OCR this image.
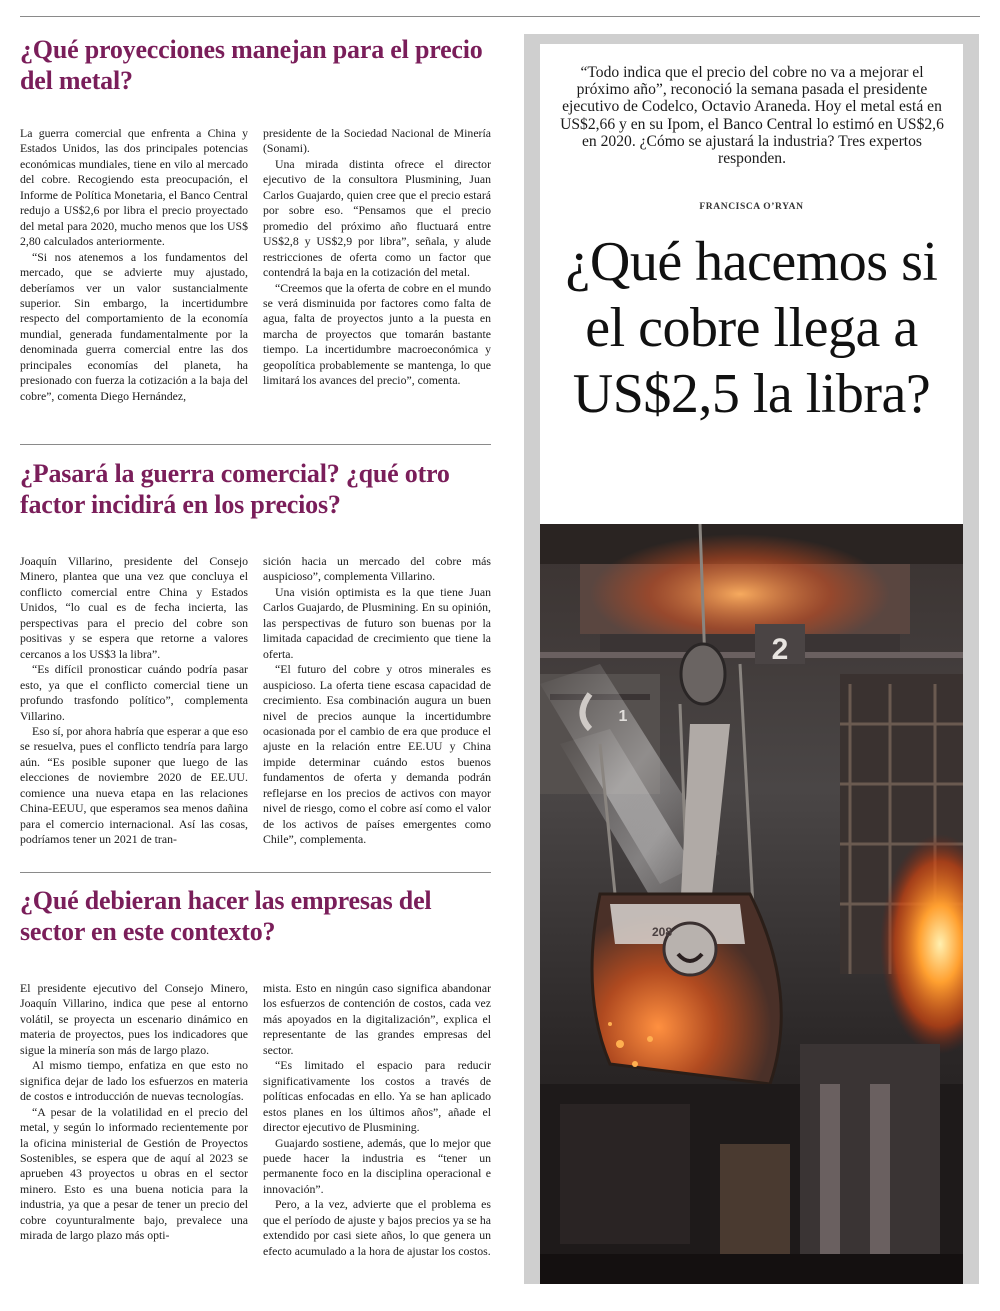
¿Qué proyecciones manejan para el precio del metal?

La guerra comercial que enfrenta a China y Estados Unidos, las dos principales potencias económicas mundiales, tiene en vilo al mercado del cobre. Recogiendo esta preocupación, el Informe de Política Monetaria, el Banco Central redujo a US$2,6 por libra el precio proyectado del metal para 2020, mucho menos que los US$ 2,80 calculados anteriormente.

“Si nos atenemos a los fundamentos del mercado, que se advierte muy ajustado, deberíamos ver un valor sustancialmente superior. Sin embargo, la incertidumbre respecto del comportamiento de la economía mundial, generada fundamentalmente por la denominada guerra comercial entre las dos principales economías del planeta, ha presionado con fuerza la cotización a la baja del cobre”, comenta Diego Hernández,

presidente de la Sociedad Nacional de Minería (Sonami).

Una mirada distinta ofrece el director ejecutivo de la consultora Plusmining, Juan Carlos Guajardo, quien cree que el precio estará por sobre eso. “Pensamos que el precio promedio del próximo año fluctuará entre US$2,8 y US$2,9 por libra”, señala, y alude restricciones de oferta como un factor que contendrá la baja en la cotización del metal.

“Creemos que la oferta de cobre en el mundo se verá disminuida por factores como falta de agua, falta de proyectos junto a la puesta en marcha de proyectos que tomarán bastante tiempo. La incertidumbre macroeconómica y geopolítica probablemente se mantenga, lo que limitará los avances del precio”, comenta.

¿Pasará la guerra comercial? ¿qué otro factor incidirá en los precios?

Joaquín Villarino, presidente del Consejo Minero, plantea que una vez que concluya el conflicto comercial entre China y Estados Unidos, “lo cual es de fecha incierta, las perspectivas para el precio del cobre son positivas y se espera que retorne a valores cercanos a los US$3 la libra”.

“Es difícil pronosticar cuándo podría pasar esto, ya que el conflicto comercial tiene un profundo trasfondo político”, complementa Villarino.

Eso sí, por ahora habría que esperar a que eso se resuelva, pues el conflicto tendría para largo aún. “Es posible suponer que luego de las elecciones de noviembre 2020 de EE.UU. comience una nueva etapa en las relaciones China-EEUU, que esperamos sea menos dañina para el comercio internacional. Así las cosas, podríamos tener un 2021 de tran-

sición hacia un mercado del cobre más auspicioso”, complementa Villarino.

Una visión optimista es la que tiene Juan Carlos Guajardo, de Plusmining. En su opinión, las perspectivas de futuro son buenas por la limitada capacidad de crecimiento que tiene la oferta.

“El futuro del cobre y otros minerales es auspicioso. La oferta tiene escasa capacidad de crecimiento. Esa combinación augura un buen nivel de precios aunque la incertidumbre ocasionada por el cambio de era que produce el ajuste en la relación entre EE.UU y China impide determinar cuándo estos buenos fundamentos de oferta y demanda podrán reflejarse en los precios de activos con mayor nivel de riesgo, como el cobre así como el valor de los activos de países emergentes como Chile”, complementa.

¿Qué debieran hacer las empresas del sector en este contexto?

El presidente ejecutivo del Consejo Minero, Joaquín Villarino, indica que pese al entorno volátil, se proyecta un escenario dinámico en materia de proyectos, pues los indicadores que sigue la minería son más de largo plazo.

Al mismo tiempo, enfatiza en que esto no significa dejar de lado los esfuerzos en materia de costos e introducción de nuevas tecnologías.

“A pesar de la volatilidad en el precio del metal, y según lo informado recientemente por la oficina ministerial de Gestión de Proyectos Sostenibles, se espera que de aquí al 2023 se aprueben 43 proyectos u obras en el sector minero. Esto es una buena noticia para la industria, ya que a pesar de tener un precio del cobre coyunturalmente bajo, prevalece una mirada de largo plazo más opti-

mista. Esto en ningún caso significa abandonar los esfuerzos de contención de costos, cada vez más apoyados en la digitalización”, explica el representante de las grandes empresas del sector.

“Es limitado el espacio para reducir significativamente los costos a través de políticas enfocadas en ello. Ya se han aplicado estos planes en los últimos años”, añade el director ejecutivo de Plusmining.

Guajardo sostiene, además, que lo mejor que puede hacer la industria es “tener un permanente foco en la disciplina operacional e innovación”.

Pero, a la vez, advierte que el problema es que el período de ajuste y bajos precios ya se ha extendido por casi siete años, lo que genera un efecto acumulado a la hora de ajustar los costos.

“Todo indica que el precio del cobre no va a mejorar el próximo año”, reconoció la semana pasada el presidente ejecutivo de Codelco, Octavio Araneda. Hoy el metal está en US$2,66 y en su Ipom, el Banco Central lo estimó en US$2,6 en 2020. ¿Cómo se ajustará la industria? Tres expertos responden.

FRANCISCA O’RYAN
¿Qué hacemos si el cobre llega a US$2,5 la libra?
2
208
